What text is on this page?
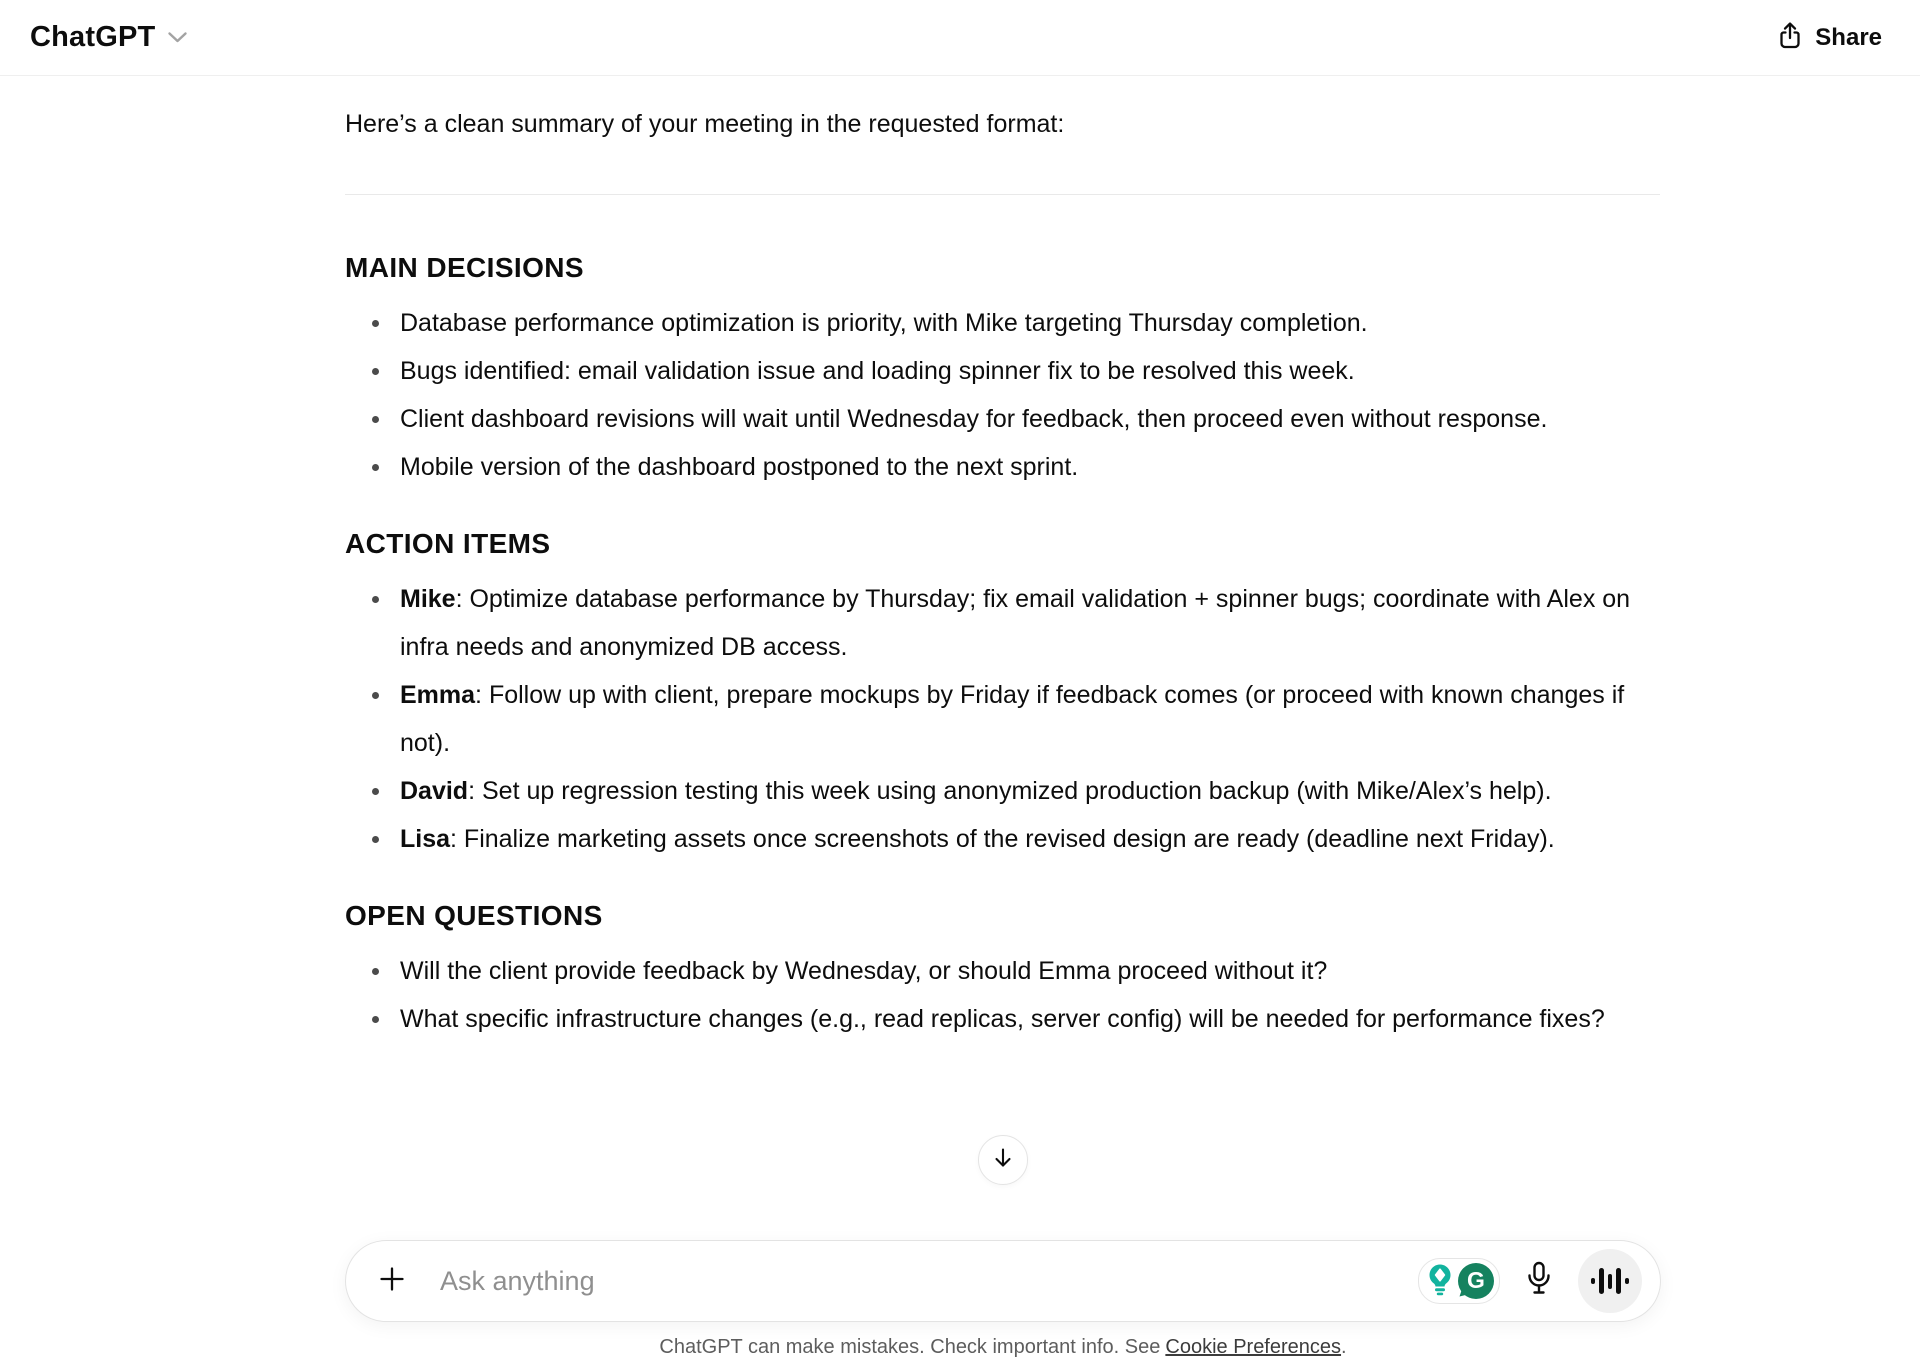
ChatGPT	Share

Here’s a clean summary of your meeting in the requested format:

MAIN DECISIONS
Database performance optimization is priority, with Mike targeting Thursday completion.
Bugs identified: email validation issue and loading spinner fix to be resolved this week.
Client dashboard revisions will wait until Wednesday for feedback, then proceed even without response.
Mobile version of the dashboard postponed to the next sprint.
ACTION ITEMS
Mike: Optimize database performance by Thursday; fix email validation + spinner bugs; coordinate with Alex on infra needs and anonymized DB access.
Emma: Follow up with client, prepare mockups by Friday if feedback comes (or proceed with known changes if not).
David: Set up regression testing this week using anonymized production backup (with Mike/Alex’s help).
Lisa: Finalize marketing assets once screenshots of the revised design are ready (deadline next Friday).
OPEN QUESTIONS
Will the client provide feedback by Wednesday, or should Emma proceed without it?
What specific infrastructure changes (e.g., read replicas, server config) will be needed for performance fixes?
Ask anything
G
ChatGPT can make mistakes. Check important info. See Cookie Preferences.
